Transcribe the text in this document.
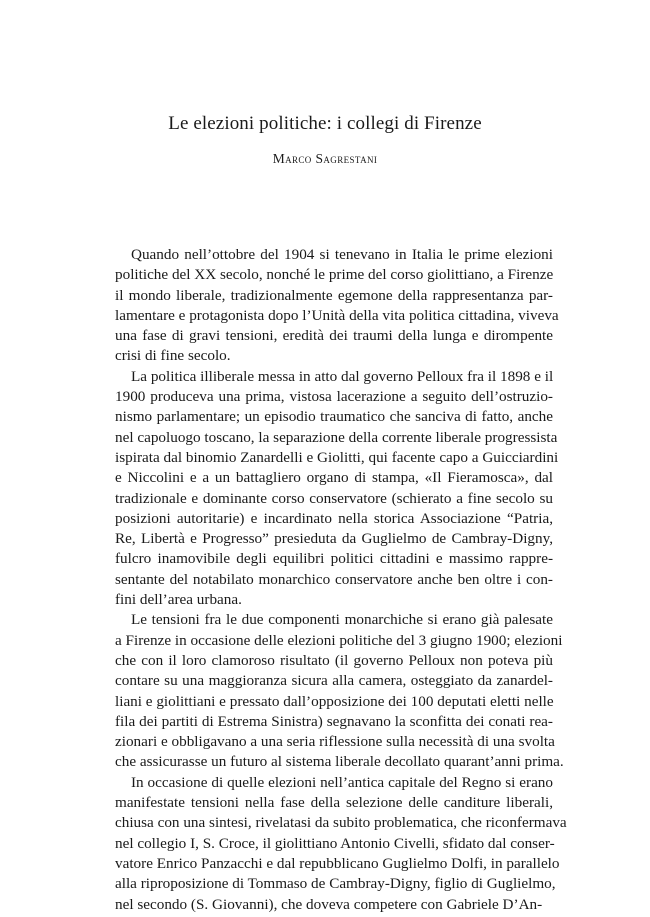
Le elezioni politiche: i collegi di Firenze
Marco Sagrestani
Quando nell’ottobre del 1904 si tenevano in Italia le prime elezioni
politiche del XX secolo, nonché le prime del corso giolittiano, a Firenze
il mondo liberale, tradizionalmente egemone della rappresentanza par-
lamentare e protagonista dopo l’Unità della vita politica cittadina, viveva
una fase di gravi tensioni, eredità dei traumi della lunga e dirompente
crisi di fine secolo.
La politica illiberale messa in atto dal governo Pelloux fra il 1898 e il
1900 produceva una prima, vistosa lacerazione a seguito dell’ostruzio-
nismo parlamentare; un episodio traumatico che sanciva di fatto, anche
nel capoluogo toscano, la separazione della corrente liberale progressista
ispirata dal binomio Zanardelli e Giolitti, qui facente capo a Guicciardini
e Niccolini e a un battagliero organo di stampa, «Il Fieramosca», dal
tradizionale e dominante corso conservatore (schierato a fine secolo su
posizioni autoritarie) e incardinato nella storica Associazione “Patria,
Re, Libertà e Progresso” presieduta da Guglielmo de Cambray-Digny,
fulcro inamovibile degli equilibri politici cittadini e massimo rappre-
sentante del notabilato monarchico conservatore anche ben oltre i con-
fini dell’area urbana.
Le tensioni fra le due componenti monarchiche si erano già palesate
a Firenze in occasione delle elezioni politiche del 3 giugno 1900; elezioni
che con il loro clamoroso risultato (il governo Pelloux non poteva più
contare su una maggioranza sicura alla camera, osteggiato da zanardel-
liani e giolittiani e pressato dall’opposizione dei 100 deputati eletti nelle
fila dei partiti di Estrema Sinistra) segnavano la sconfitta dei conati rea-
zionari e obbligavano a una seria riflessione sulla necessità di una svolta
che assicurasse un futuro al sistema liberale decollato quarant’anni prima.
In occasione di quelle elezioni nell’antica capitale del Regno si erano
manifestate tensioni nella fase della selezione delle canditure liberali,
chiusa con una sintesi, rivelatasi da subito problematica, che riconfermava
nel collegio I, S. Croce, il giolittiano Antonio Civelli, sfidato dal conser-
vatore Enrico Panzacchi e dal repubblicano Guglielmo Dolfi, in parallelo
alla riproposizione di Tommaso de Cambray-Digny, figlio di Guglielmo,
nel secondo (S. Giovanni), che doveva competere con Gabriele D’An-
